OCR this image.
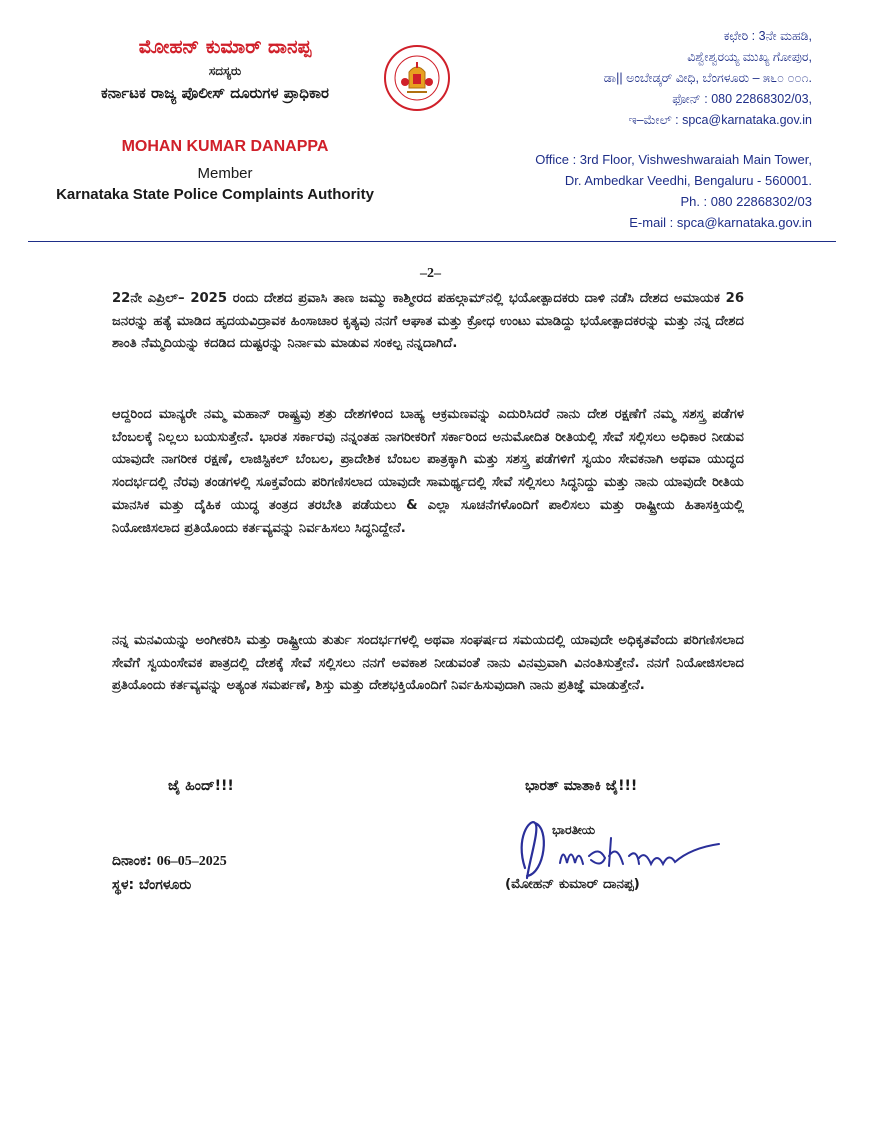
ಮೋಹನ್ ಕುಮಾರ್ ದಾನಪ್ಪ
ಸದಸ್ಯರು
ಕರ್ನಾಟಕ ರಾಜ್ಯ ಪೊಲೀಸ್ ದೂರುಗಳ ಪ್ರಾಧಿಕಾರ
MOHAN KUMAR DANAPPA
Member
Karnataka State Police Complaints Authority
ಕಛೇರಿ : 3ನೇ ಮಹಡಿ,
ವಿಶ್ವೇಶ್ವರಯ್ಯ ಮುಖ್ಯ ಗೋಪುರ,
ಡಾ|| ಅಂಬೇಡ್ಕರ್ ವೀಧಿ, ಬೆಂಗಳೂರು – ೫೬೦ ೦೦೧.
ಫೋನ್ : 080 22868302/03,
ಇ–ಮೇಲ್ : spca@karnataka.gov.in
Office : 3rd Floor, Vishweshwaraiah Main Tower,
Dr. Ambedkar Veedhi, Bengaluru - 560001.
Ph. : 080 22868302/03
E-mail : spca@karnataka.gov.in
–2–
22ನೇ ಎಪ್ರಿಲ್– 2025 ರಂದು ದೇಶದ ಪ್ರವಾಸಿ ತಾಣ ಜಮ್ಮು ಕಾಶ್ಮೀರದ ಪಹಲ್ಗಾಮ್‌ನಲ್ಲಿ ಭಯೋತ್ಪಾದಕರು ದಾಳಿ ನಡೆಸಿ ದೇಶದ ಅಮಾಯಕ 26 ಜನರನ್ನು ಹತ್ಯೆ ಮಾಡಿದ ಹೃದಯವಿದ್ರಾವಕ ಹಿಂಸಾಚಾರ ಕೃತ್ಯವು ನನಗೆ ಆಘಾತ ಮತ್ತು ಕ್ರೋಧ ಉಂಟು ಮಾಡಿದ್ದು ಭಯೋತ್ಪಾದಕರನ್ನು ಮತ್ತು ನನ್ನ ದೇಶದ ಶಾಂತಿ ನೆಮ್ಮದಿಯನ್ನು ಕದಡಿದ ದುಷ್ಟರನ್ನು ನಿರ್ನಾಮ ಮಾಡುವ ಸಂಕಲ್ಪ ನನ್ನದಾಗಿದೆ.
ಆದ್ದರಿಂದ ಮಾನ್ಯರೇ ನಮ್ಮ ಮಹಾನ್ ರಾಷ್ಟ್ರವು ಶತ್ರು ದೇಶಗಳಿಂದ ಬಾಹ್ಯ ಆಕ್ರಮಣವನ್ನು ಎದುರಿಸಿದರೆ ನಾನು ದೇಶ ರಕ್ಷಣೆಗೆ ನಮ್ಮ ಸಶಸ್ತ್ರ ಪಡೆಗಳ ಬೆಂಬಲಕ್ಕೆ ನಿಲ್ಲಲು ಬಯಸುತ್ತೇನೆ. ಭಾರತ ಸರ್ಕಾರವು ನನ್ನಂತಹ ನಾಗರೀಕರಿಗೆ ಸರ್ಕಾರಿಂದ ಅನುಮೋದಿತ ರೀತಿಯಲ್ಲಿ ಸೇವೆ ಸಲ್ಲಿಸಲು ಅಧಿಕಾರ ನೀಡುವ ಯಾವುದೇ ನಾಗರೀಕ ರಕ್ಷಣೆ, ಲಾಜಿಸ್ಟಿಕಲ್ ಬೆಂಬಲ, ಪ್ರಾದೇಶಿಕ ಬೆಂಬಲ ಪಾತ್ರಕ್ಕಾಗಿ ಮತ್ತು ಸಶಸ್ತ್ರ ಪಡೆಗಳಿಗೆ ಸ್ವಯಂ ಸೇವಕನಾಗಿ ಅಥವಾ ಯುದ್ಧದ ಸಂದರ್ಭದಲ್ಲಿ ನೆರವು ತಂಡಗಳಲ್ಲಿ ಸೂಕ್ತವೆಂದು ಪರಿಗಣಿಸಲಾದ ಯಾವುದೇ ಸಾಮರ್ಥ್ಯದಲ್ಲಿ ಸೇವೆ ಸಲ್ಲಿಸಲು ಸಿದ್ಧನಿದ್ದು ಮತ್ತು ನಾನು ಯಾವುದೇ ರೀತಿಯ ಮಾನಸಿಕ ಮತ್ತು ದೈಹಿಕ ಯುದ್ಧ ತಂತ್ರದ ತರಬೇತಿ ಪಡೆಯಲು & ಎಲ್ಲಾ ಸೂಚನೆಗಳೊಂದಿಗೆ ಪಾಲಿಸಲು ಮತ್ತು ರಾಷ್ಟ್ರೀಯ ಹಿತಾಸಕ್ತಿಯಲ್ಲಿ ನಿಯೋಜಿಸಲಾದ ಪ್ರತಿಯೊಂದು ಕರ್ತವ್ಯವನ್ನು ನಿರ್ವಹಿಸಲು ಸಿದ್ಧನಿದ್ದೇನೆ.
ನನ್ನ ಮನವಿಯನ್ನು ಅಂಗೀಕರಿಸಿ ಮತ್ತು ರಾಷ್ಟ್ರೀಯ ತುರ್ತು ಸಂದರ್ಭಗಳಲ್ಲಿ ಅಥವಾ ಸಂಘರ್ಷದ ಸಮಯದಲ್ಲಿ ಯಾವುದೇ ಅಧಿಕೃತವೆಂದು ಪರಿಗಣಿಸಲಾದ ಸೇವೆಗೆ ಸ್ವಯಂಸೇವಕ ಪಾತ್ರದಲ್ಲಿ ದೇಶಕ್ಕೆ ಸೇವೆ ಸಲ್ಲಿಸಲು ನನಗೆ ಅವಕಾಶ ನೀಡುವಂತೆ ನಾನು ವಿನಮ್ರವಾಗಿ ವಿನಂತಿಸುತ್ತೇನೆ. ನನಗೆ ನಿಯೋಜಿಸಲಾದ ಪ್ರತಿಯೊಂದು ಕರ್ತವ್ಯವನ್ನು ಅತ್ಯಂತ ಸಮರ್ಪಣೆ, ಶಿಸ್ತು ಮತ್ತು ದೇಶಭಕ್ತಿಯೊಂದಿಗೆ ನಿರ್ವಹಿಸುವುದಾಗಿ ನಾನು ಪ್ರತಿಜ್ಞೆ ಮಾಡುತ್ತೇನೆ.
ಜೈ ಹಿಂದ್!!!	ಭಾರತ್ ಮಾತಾಕಿ ಜೈ!!!
ದಿನಾಂಕ: 06–05–2025
ಸ್ಥಳ: ಬೆಂಗಳೂರು
ಭಾರತೀಯ
(ಮೋಹನ್ ಕುಮಾರ್ ದಾನಪ್ಪ)
